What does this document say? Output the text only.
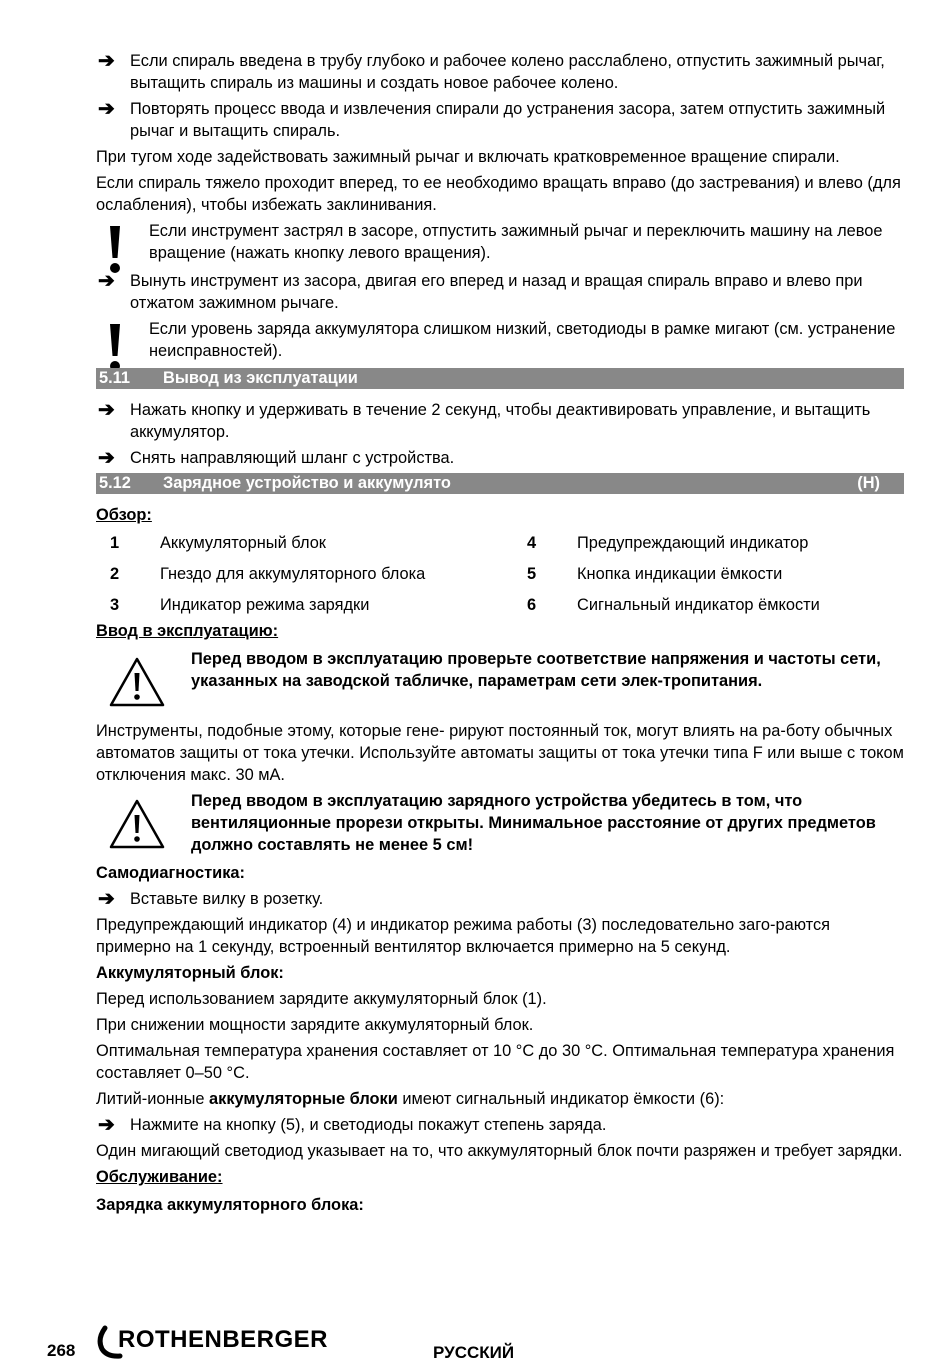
➔ Если спираль введена в трубу глубоко и рабочее колено расслаблено, отпустить зажимный рычаг, вытащить спираль из машины и создать новое рабочее колено.
➔ Повторять процесс ввода и извлечения спирали до устранения засора, затем отпустить зажимный рычаг и вытащить спираль.

При тугом ходе задействовать зажимный рычаг и включать кратковременное вращение спирали.

Если спираль тяжело проходит вперед, то ее необходимо вращать вправо (до застревания) и влево (для ослабления), чтобы избежать заклинивания.

Если инструмент застрял в засоре, отпустить зажимный рычаг и переключить машину на левое вращение (нажать кнопку левого вращения).
➔ Вынуть инструмент из засора, двигая его вперед и назад и вращая спираль вправо и влево при отжатом зажимном рычаге.
Если уровень заряда аккумулятора слишком низкий, светодиоды в рамке мигают (см. устранение неисправностей).
5.11 Вывод из эксплуатации
➔ Нажать кнопку и удерживать в течение 2 секунд, чтобы деактивировать управление, и вытащить аккумулятор.
➔ Снять направляющий шланг с устройства.
5.12 Зарядное устройство и аккумулято	(H)
Обзор:
1	Аккумуляторный блок	4	Предупреждающий индикатор
2	Гнездо для аккумуляторного блока	5	Кнопка индикации ёмкости
3	Индикатор режима зарядки	6	Сигнальный индикатор ёмкости
Ввод в эксплуатацию:
Перед вводом в эксплуатацию проверьте соответствие напряжения и частоты сети, указанных на заводской табличке, параметрам сети элек-тропитания.

Инструменты, подобные этому, которые гене- рируют постоянный ток, могут влиять на ра-боту обычных автоматов защиты от тока утечки. Используйте автоматы защиты от тока утечки типа F или выше с током отключения макс. 30 мА.

Перед вводом в эксплуатацию зарядного устройства убедитесь в том, что вентиляционные прорези открыты. Минимальное расстояние от других предметов должно составлять не менее 5 см!
Самодиагностика:
➔ Вставьте вилку в розетку.

Предупреждающий индикатор (4) и индикатор режима работы (3) последовательно заго-раются примерно на 1 секунду, встроенный вентилятор включается примерно на 5 секунд.

Аккумуляторный блок:

Перед использованием зарядите аккумуляторный блок (1).

При снижении мощности зарядите аккумуляторный блок.

Оптимальная температура хранения составляет от 10 °C до 30 °C. Оптимальная температура хранения составляет 0–50 °C.

Литий-ионные аккумуляторные блоки имеют сигнальный индикатор ёмкости (6):

➔ Нажмите на кнопку (5), и светодиоды покажут степень заряда.

Один мигающий светодиод указывает на то, что аккумуляторный блок почти разряжен и требует зарядки.

Обслуживание:
Зарядка аккумуляторного блока:
268 ROTHENBERGER	РУССКИЙ
